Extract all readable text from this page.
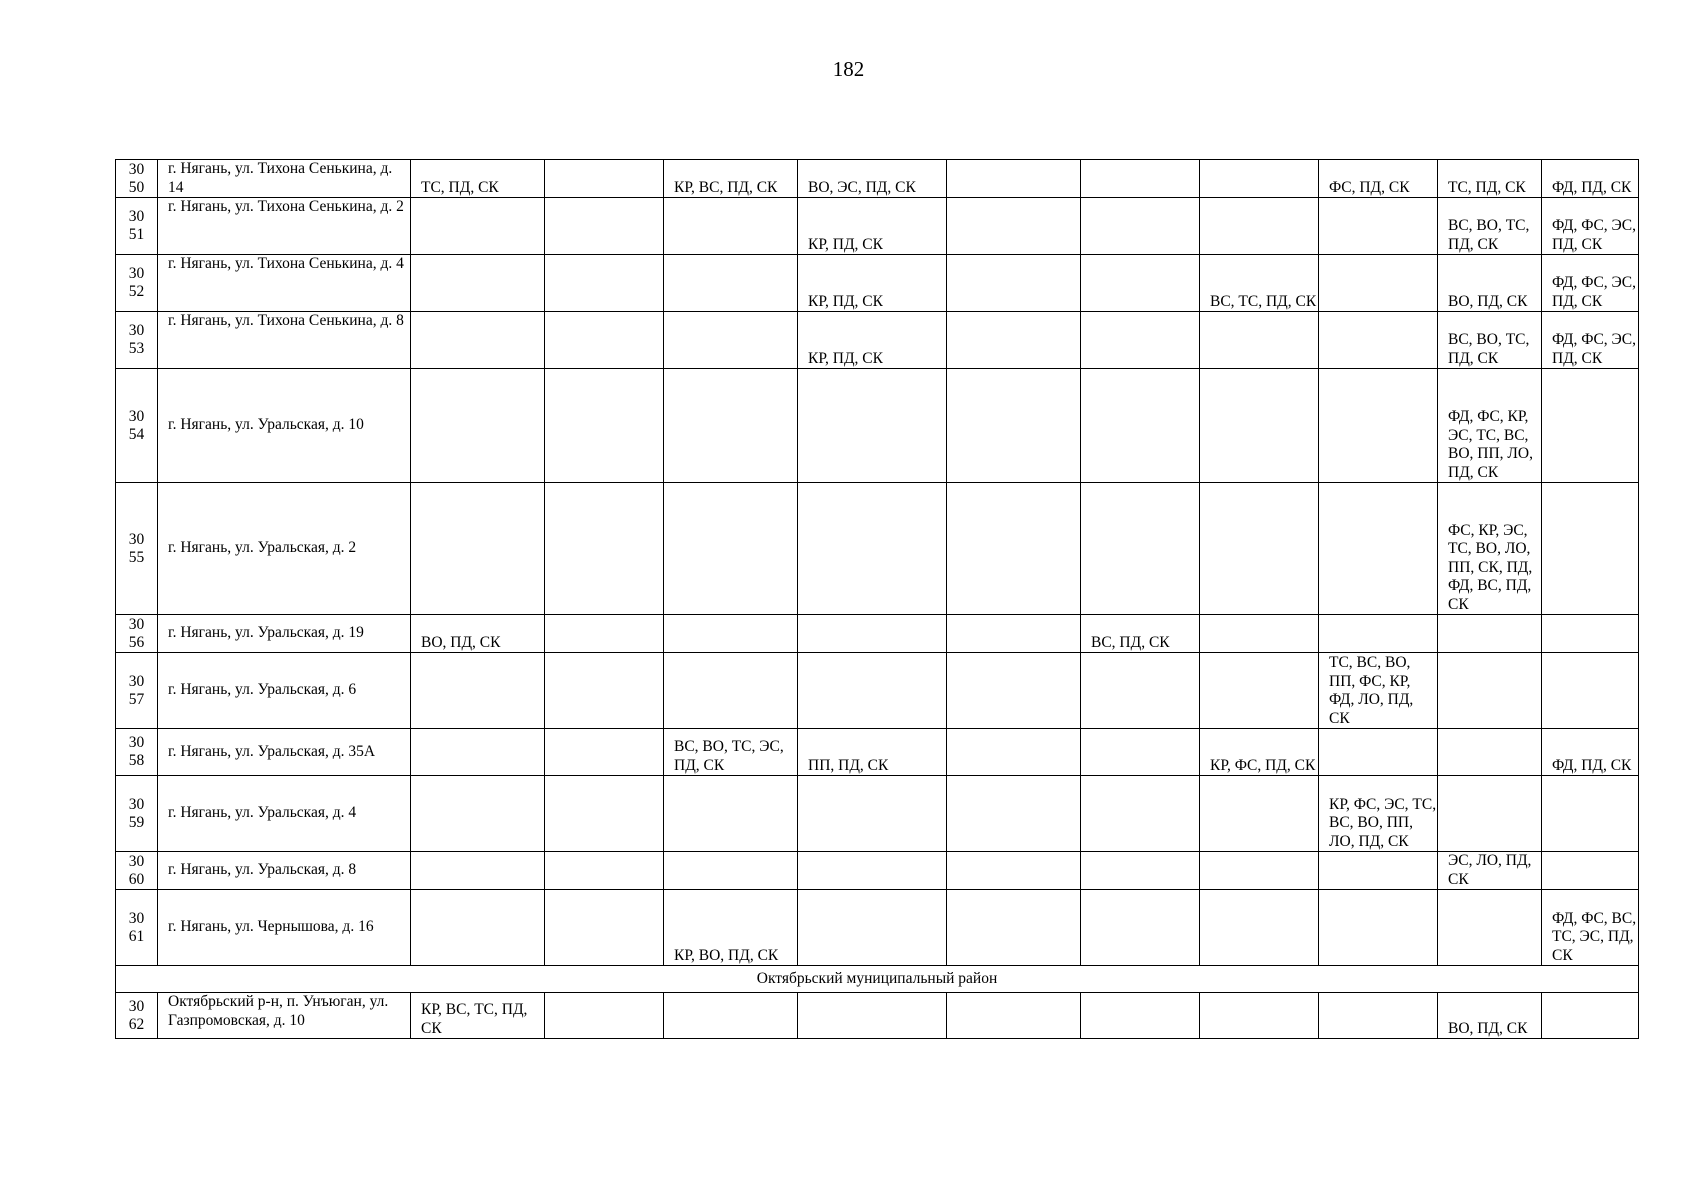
182
30
50	г. Нягань, ул. Тихона Сенькина, д. 14	ТС, ПД, СК		КР, ВС, ПД, СК	ВО, ЭС, ПД, СК				ФС, ПД, СК	ТС, ПД, СК	ФД, ПД, СК

30
51	г. Нягань, ул. Тихона Сенькина, д. 2				КР, ПД, СК					ВС, ВО, ТС, ПД, СК	ФД, ФС, ЭС, ПД, СК

30
52	г. Нягань, ул. Тихона Сенькина, д. 4				КР, ПД, СК			ВС, ТС, ПД, СК		ВО, ПД, СК	ФД, ФС, ЭС, ПД, СК

30
53	г. Нягань, ул. Тихона Сенькина, д. 8				КР, ПД, СК					ВС, ВО, ТС, ПД, СК	ФД, ФС, ЭС, ПД, СК

30
54	г. Нягань, ул. Уральская, д. 10									ФД, ФС, КР, ЭС, ТС, ВС, ВО, ПП, ЛО, ПД, СК	

30
55	г. Нягань, ул. Уральская, д. 2									ФС, КР, ЭС, ТС, ВО, ЛО, ПП, СК, ПД, ФД, ВС, ПД, СК	

30
56	г. Нягань, ул. Уральская, д. 19	ВО, ПД, СК					ВС, ПД, СК				

30
57	г. Нягань, ул. Уральская, д. 6								ТС, ВС, ВО, ПП, ФС, КР, ФД, ЛО, ПД, СК		

30
58	г. Нягань, ул. Уральская, д. 35А			ВС, ВО, ТС, ЭС, ПД, СК	ПП, ПД, СК			КР, ФС, ПД, СК			ФД, ПД, СК

30
59	г. Нягань, ул. Уральская, д. 4								КР, ФС, ЭС, ТС, ВС, ВО, ПП, ЛО, ПД, СК		

30
60	г. Нягань, ул. Уральская, д. 8									ЭС, ЛО, ПД, СК	

30
61	г. Нягань, ул. Чернышова, д. 16			КР, ВО, ПД, СК							ФД, ФС, ВС, ТС, ЭС, ПД, СК
Октябрьский муниципальный район											

30
62	Октябрьский р-н, п. Унъюган, ул. Газпромовская, д. 10	КР, ВС, ТС, ПД, СК								ВО, ПД, СК	
